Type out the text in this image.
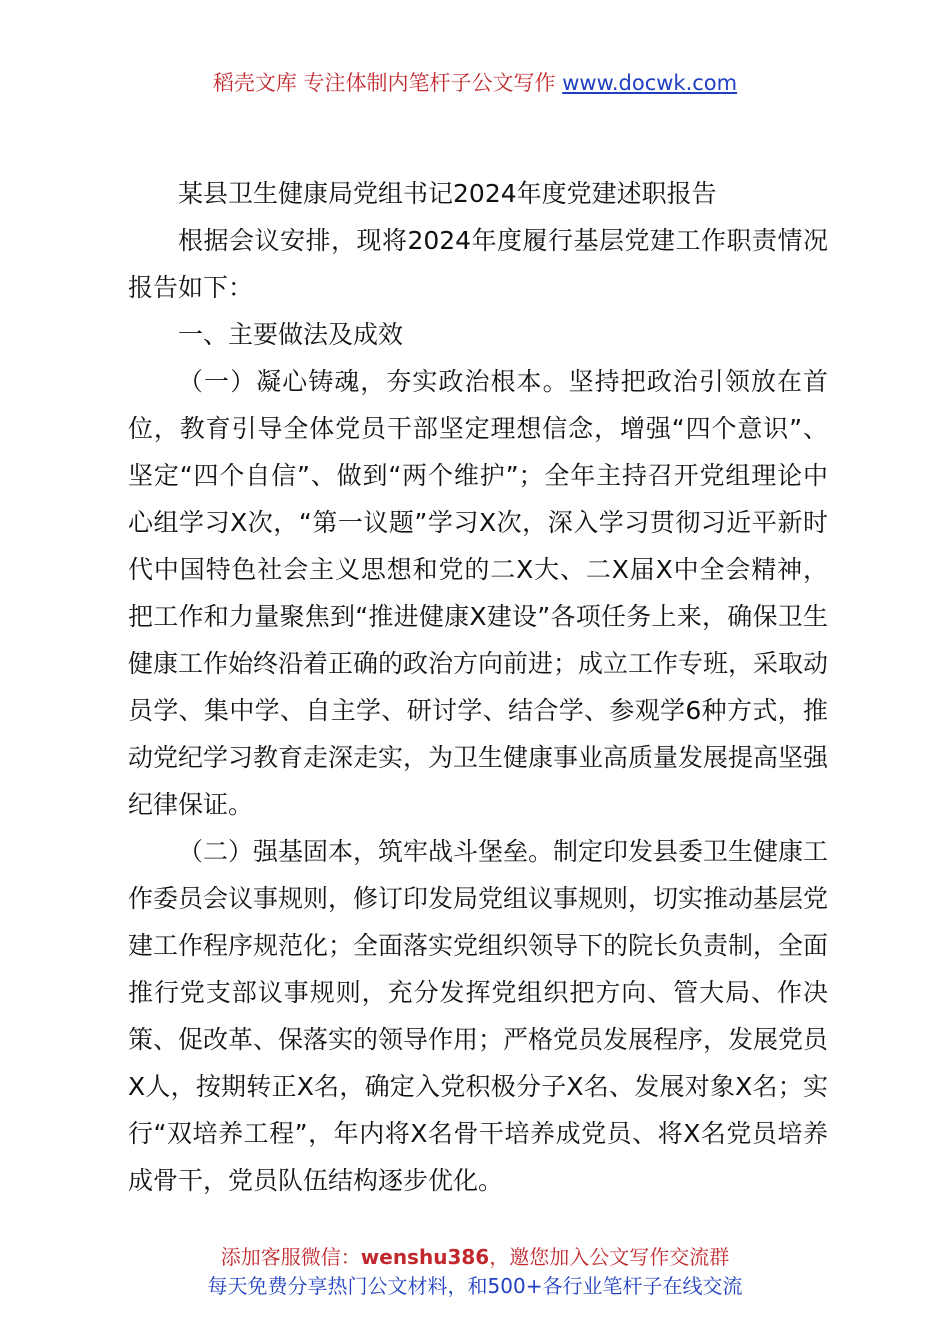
稻壳文库 专注体制内笔杆子公文写作 www.docwk.com

某县卫生健康局党组书记2024年度党建述职报告

根据会议安排，现将2024年度履行基层党建工作职责情况报告如下：

一、主要做法及成效

（一）凝心铸魂，夯实政治根本。坚持把政治引领放在首位，教育引导全体党员干部坚定理想信念，增强“四个意识”、坚定“四个自信”、做到“两个维护”；全年主持召开党组理论中心组学习X次，“第一议题”学习X次，深入学习贯彻习近平新时代中国特色社会主义思想和党的二X大、二X届X中全会精神，把工作和力量聚焦到“推进健康X建设”各项任务上来，确保卫生健康工作始终沿着正确的政治方向前进；成立工作专班，采取动员学、集中学、自主学、研讨学、结合学、参观学6种方式，推动党纪学习教育走深走实，为卫生健康事业高质量发展提高坚强纪律保证。

（二）强基固本，筑牢战斗堡垒。制定印发县委卫生健康工作委员会议事规则，修订印发局党组议事规则，切实推动基层党建工作程序规范化；全面落实党组织领导下的院长负责制，全面推行党支部议事规则，充分发挥党组织把方向、管大局、作决策、促改革、保落实的领导作用；严格党员发展程序，发展党员X人，按期转正X名，确定入党积极分子X名、发展对象X名；实行“双培养工程”，年内将X名骨干培养成党员、将X名党员培养成骨干，党员队伍结构逐步优化。

添加客服微信：wenshu386，邀您加入公文写作交流群
每天免费分享热门公文材料，和500+各行业笔杆子在线交流
